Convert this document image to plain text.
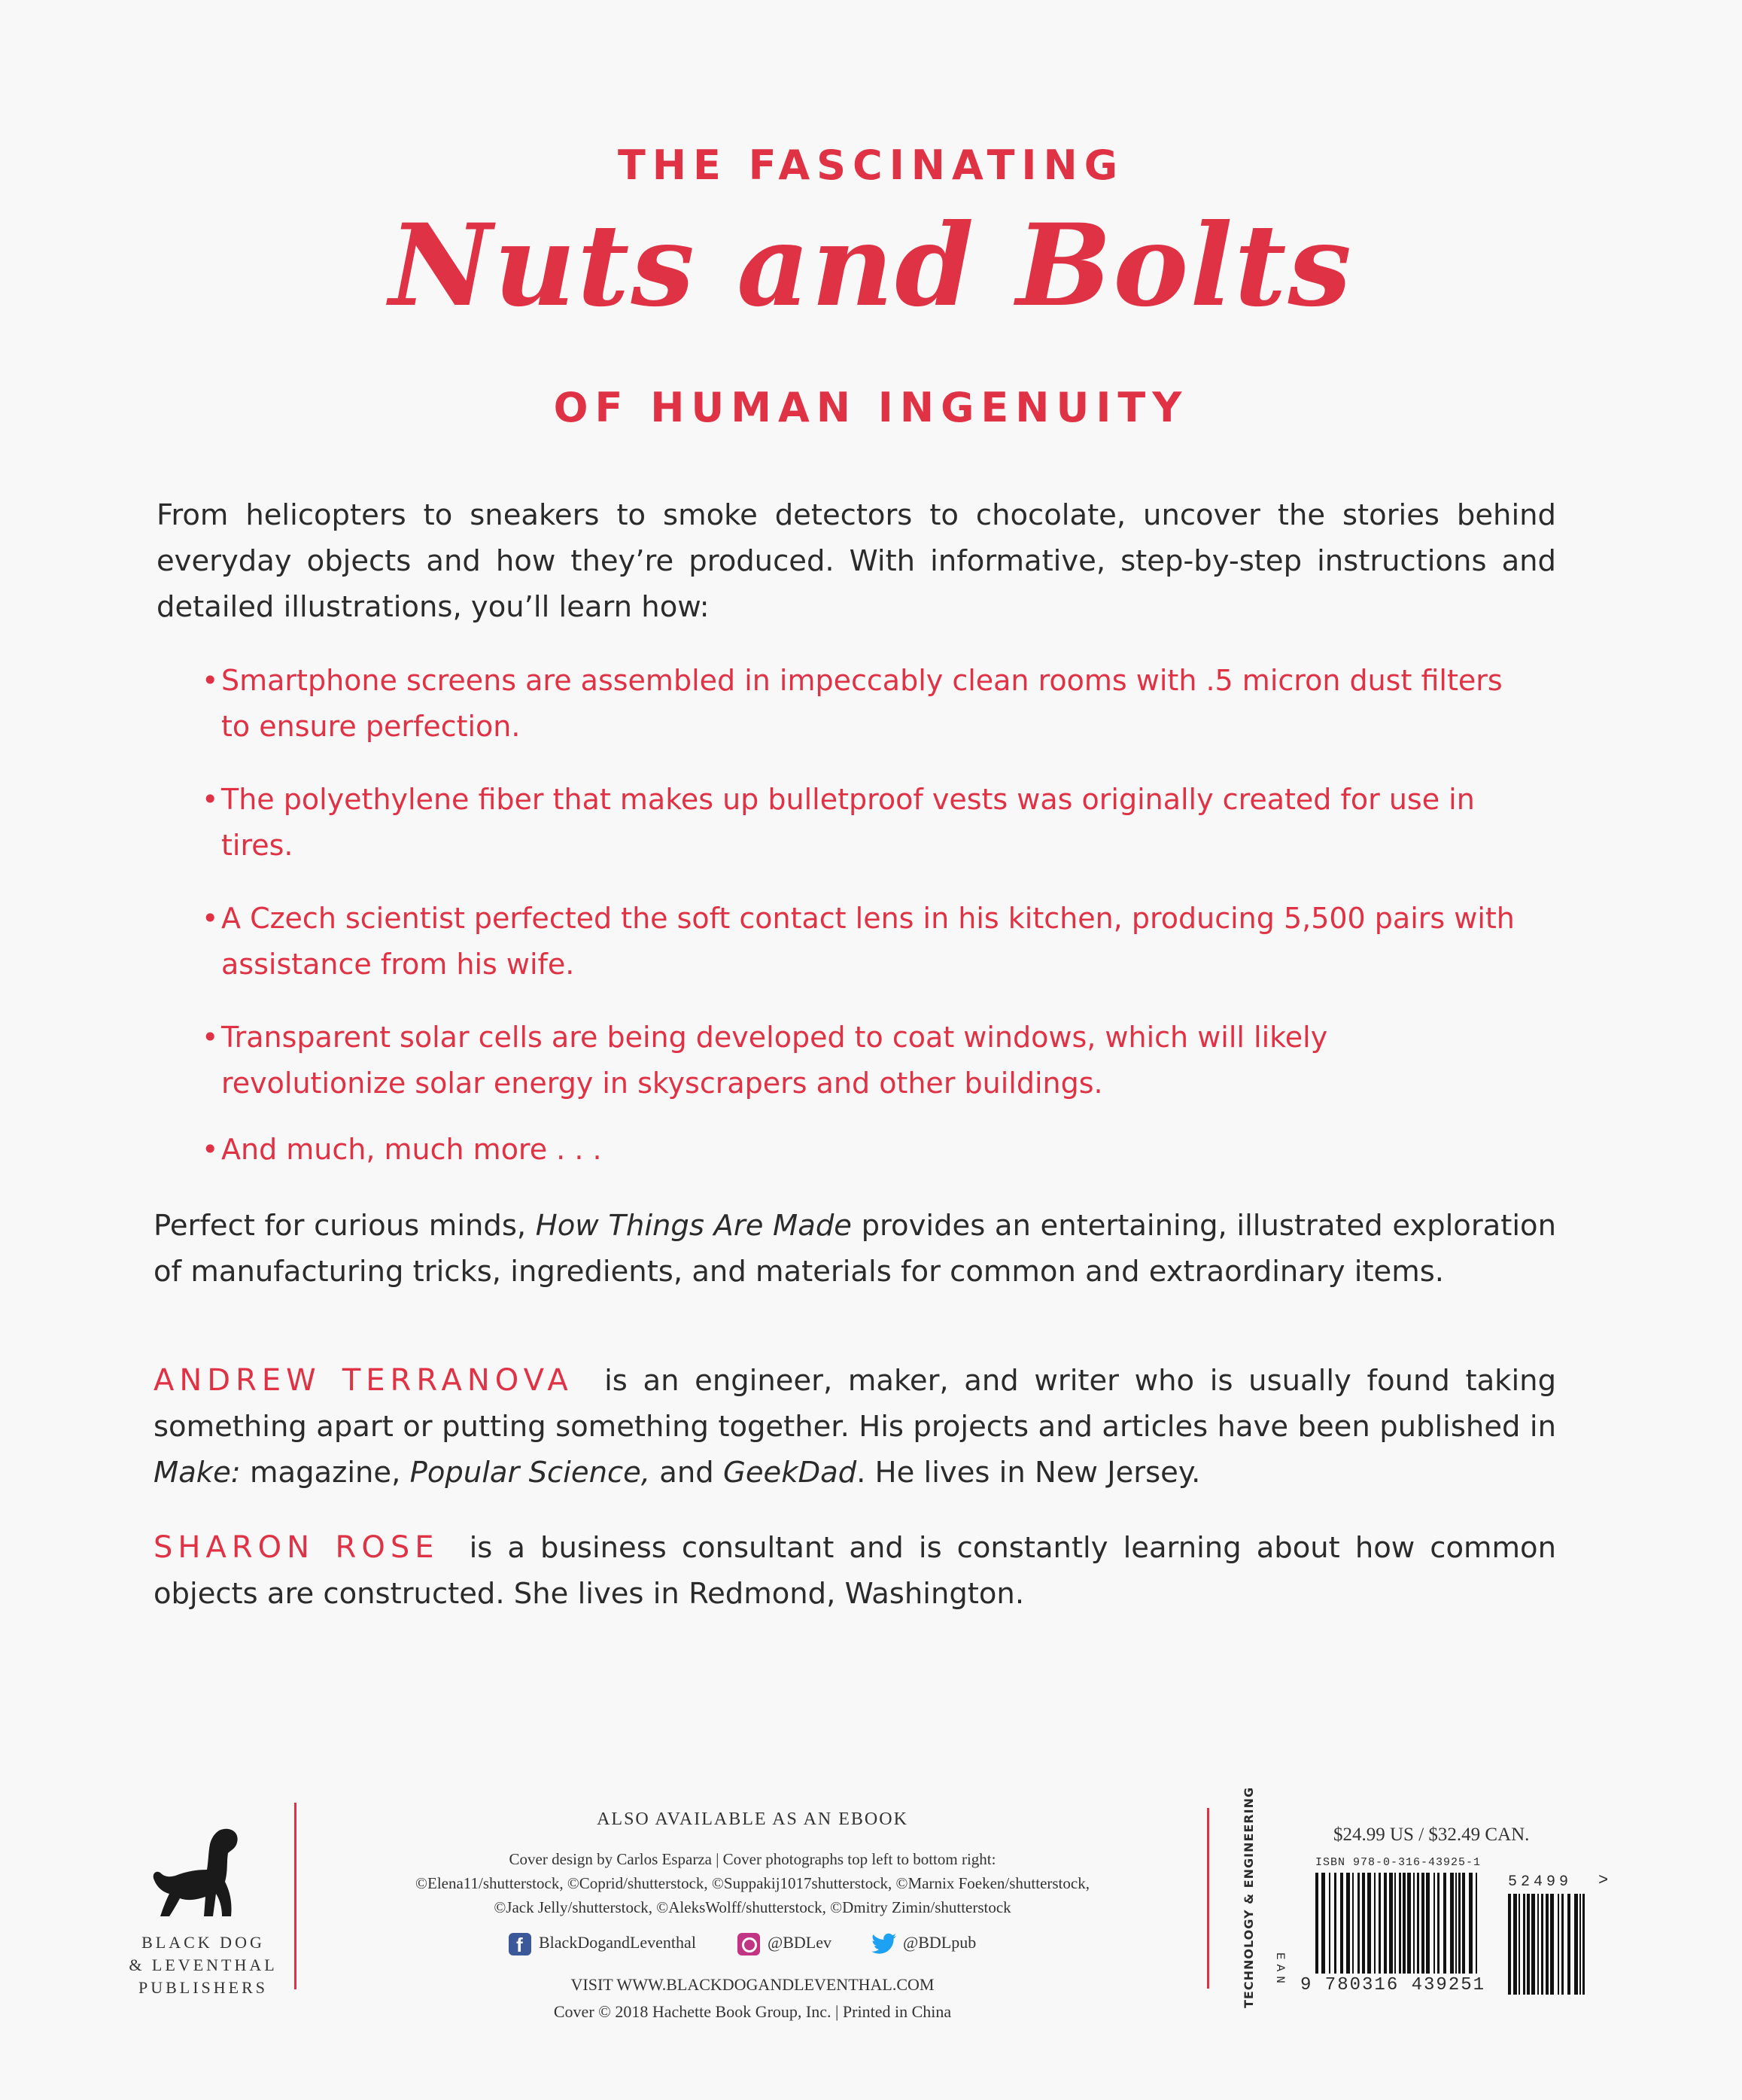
THE FASCINATING
Nuts and Bolts
OF HUMAN INGENUITY
From helicopters to sneakers to smoke detectors to chocolate, uncover the stories behind everyday objects and how they’re produced. With informative, step-by-step instructions and detailed illustrations, you’ll learn how:
• Smartphone screens are assembled in impeccably clean rooms with .5 micron dust filters to ensure perfection.
• The polyethylene fiber that makes up bulletproof vests was originally created for use in tires.
• A Czech scientist perfected the soft contact lens in his kitchen, producing 5,500 pairs with assistance from his wife.
• Transparent solar cells are being developed to coat windows, which will likely revolutionize solar energy in skyscrapers and other buildings.
• And much, much more . . .
Perfect for curious minds, How Things Are Made provides an entertaining, illustrated exploration of manufacturing tricks, ingredients, and materials for common and extraordinary items.
ANDREW TERRANOVA is an engineer, maker, and writer who is usually found taking something apart or putting something together. His projects and articles have been published in Make: magazine, Popular Science, and GeekDad. He lives in New Jersey.
SHARON ROSE is a business consultant and is constantly learning about how common objects are constructed. She lives in Redmond, Washington.
BLACK DOG
& LEVENTHAL
PUBLISHERS
ALSO AVAILABLE AS AN EBOOK
Cover design by Carlos Esparza | Cover photographs top left to bottom right:
©Elena11/shutterstock, ©Coprid/shutterstock, ©Suppakij1017shutterstock, ©Marnix Foeken/shutterstock,
©Jack Jelly/shutterstock, ©AleksWolff/shutterstock, ©Dmitry Zimin/shutterstock
f BlackDogandLeventhal	@BDLev	@BDLpub
VISIT WWW.BLACKDOGANDLEVENTHAL.COM
Cover © 2018 Hachette Book Group, Inc. | Printed in China
TECHNOLOGY & ENGINEERING EAN
$24.99 US / $32.49 CAN.
ISBN 978-0-316-43925-1
9 780316 439251
52499 >
